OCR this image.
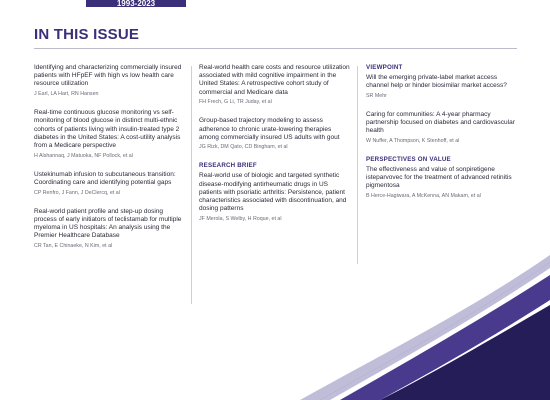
1993-2023
IN THIS ISSUE

Identifying and characterizing commercially insured patients with HFpEF with high vs low health care resource utilization

J Earl, LA Hart, RN Hansen

Real-time continuous glucose monitoring vs self-monitoring of blood glucose in distinct multi-ethnic cohorts of patients living with insulin-treated type 2 diabetes in the United States: A cost-utility analysis from a Medicare perspective

H Alshannaq, J Matuoka, NF Pollock, et al

Ustekinumab infusion to subcutaneous transition: Coordinating care and identifying potential gaps

CP Renfro, J Fann, J DeClercq, et al

Real-world patient profile and step-up dosing process of early initiators of teclistamab for multiple myeloma in US hospitals: An analysis using the Premier Healthcare Database

CR Tan, E Chinaeke, N Kim, et al

Real-world health care costs and resource utilization associated with mild cognitive impairment in the United States: A retrospective cohort study of commercial and Medicare data

FH Frech, G Li, TR Juday, et al

Group-based trajectory modeling to assess adherence to chronic urate-lowering therapies among commercially insured US adults with gout

JG Rizk, DM Qato, CD Bingham, et al
RESEARCH BRIEF

Real-world use of biologic and targeted synthetic disease-modifying antirheumatic drugs in US patients with psoriatic arthritis: Persistence, patient characteristics associated with discontinuation, and dosing patterns

JF Merola, S Welby, H Roque, et al
VIEWPOINT

Will the emerging private-label market access channel help or hinder biosimilar market access?

SR Mehr

Caring for communities: A 4-year pharmacy partnership focused on diabetes and cardiovascular health

W Nuffer, A Thompson, K Stenhoff, et al
PERSPECTIVES ON VALUE

The effectiveness and value of sonpiretigene isteparvovec for the treatment of advanced retinitis pigmentosa

B Herce-Hagiwara, A McKenna, AN Makam, et al
